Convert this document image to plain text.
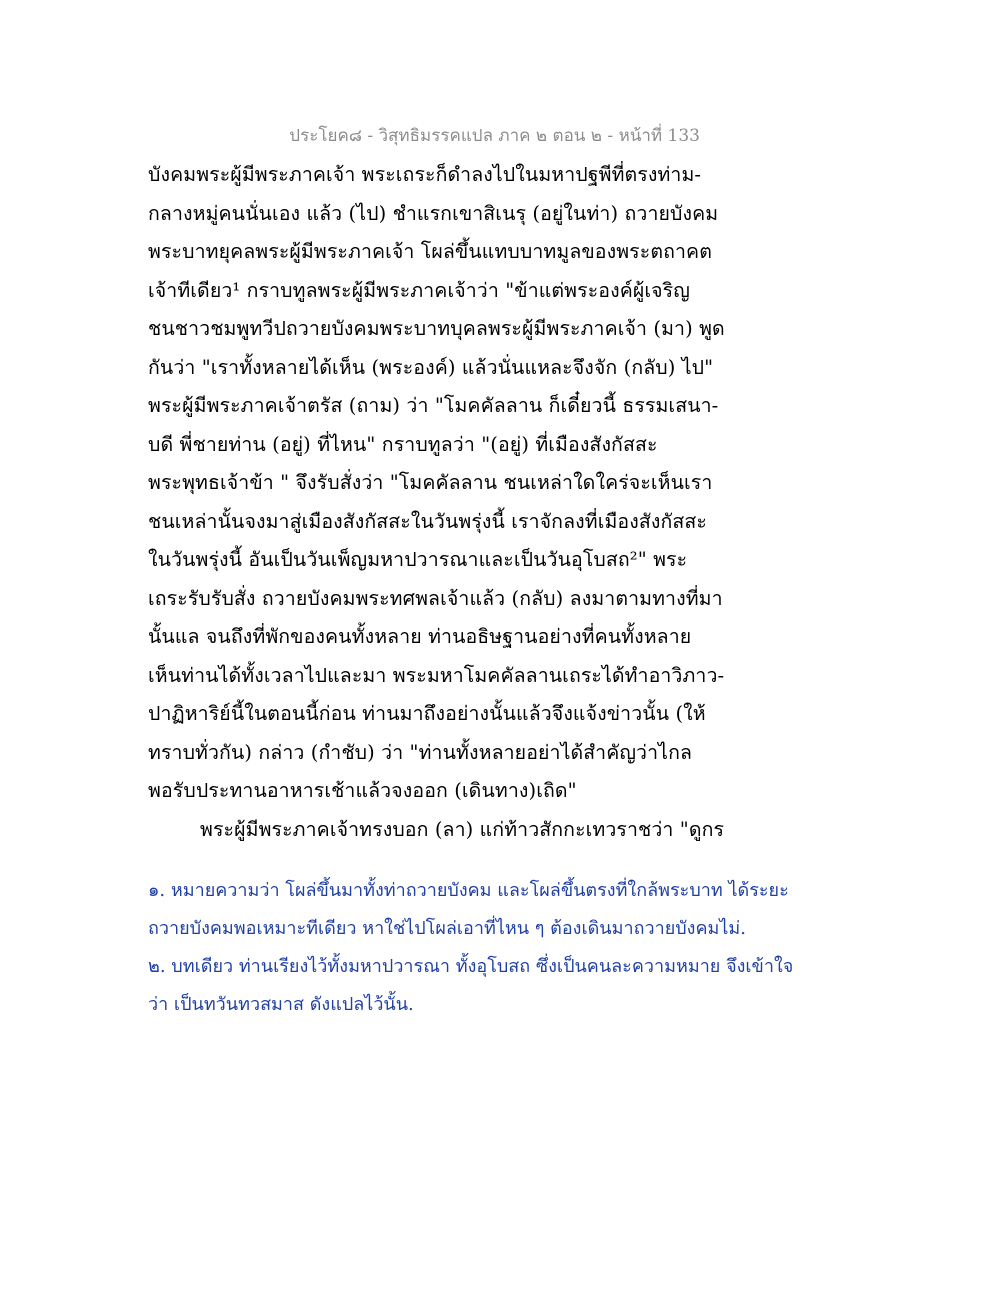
ประโยค๘ - วิสุทธิมรรคแปล ภาค ๒ ตอน ๒ - หน้าที่ 133
บังคมพระผู้มีพระภาคเจ้า พระเถระก็ดำลงไปในมหาปฐพีที่ตรงท่าม-
กลางหมู่คนนั่นเอง แล้ว (ไป) ชำแรกเขาสิเนรุ (อยู่ในท่า) ถวายบังคม
พระบาทยุคลพระผู้มีพระภาคเจ้า โผล่ขึ้นแทบบาทมูลของพระตถาคต
เจ้าทีเดียว¹ กราบทูลพระผู้มีพระภาคเจ้าว่า "ข้าแต่พระองค์ผู้เจริญ
ชนชาวชมพูทวีปถวายบังคมพระบาทบุคลพระผู้มีพระภาคเจ้า (มา) พูด
กันว่า "เราทั้งหลายได้เห็น (พระองค์) แล้วนั่นแหละจึงจัก (กลับ) ไป"
พระผู้มีพระภาคเจ้าตรัส (ถาม) ว่า "โมคคัลลาน ก็เดี๋ยวนี้ ธรรมเสนา-
บดี พี่ชายท่าน (อยู่) ที่ไหน" กราบทูลว่า "(อยู่) ที่เมืองสังกัสสะ
พระพุทธเจ้าข้า " จึงรับสั่งว่า "โมคคัลลาน ชนเหล่าใดใคร่จะเห็นเรา
ชนเหล่านั้นจงมาสู่เมืองสังกัสสะในวันพรุ่งนี้ เราจักลงที่เมืองสังกัสสะ
ในวันพรุ่งนี้ อันเป็นวันเพ็ญมหาปวารณาและเป็นวันอุโบสถ²" พระ
เถระรับรับสั่ง ถวายบังคมพระทศพลเจ้าแล้ว (กลับ) ลงมาตามทางที่มา
นั้นแล จนถึงที่พักของคนทั้งหลาย ท่านอธิษฐานอย่างที่คนทั้งหลาย
เห็นท่านได้ทั้งเวลาไปและมา พระมหาโมคคัลลานเถระได้ทำอาวิภาว-
ปาฏิหาริย์นี้ในตอนนี้ก่อน ท่านมาถึงอย่างนั้นแล้วจึงแจ้งข่าวนั้น (ให้
ทราบทั่วกัน) กล่าว (กำชับ) ว่า "ท่านทั้งหลายอย่าได้สำคัญว่าไกล
พอรับประทานอาหารเช้าแล้วจงออก (เดินทาง)เถิด"
พระผู้มีพระภาคเจ้าทรงบอก (ลา) แก่ท้าวสักกะเทวราชว่า "ดูกร
๑. หมายความว่า โผล่ขึ้นมาทั้งท่าถวายบังคม และโผล่ขึ้นตรงที่ใกล้พระบาท ได้ระยะ
ถวายบังคมพอเหมาะทีเดียว หาใช่ไปโผล่เอาที่ไหน ๆ ต้องเดินมาถวายบังคมไม่.
๒. บทเดียว ท่านเรียงไว้ทั้งมหาปวารณา ทั้งอุโบสถ ซึ่งเป็นคนละความหมาย จึงเข้าใจ
ว่า เป็นทวันทวสมาส ดังแปลไว้นั้น.
